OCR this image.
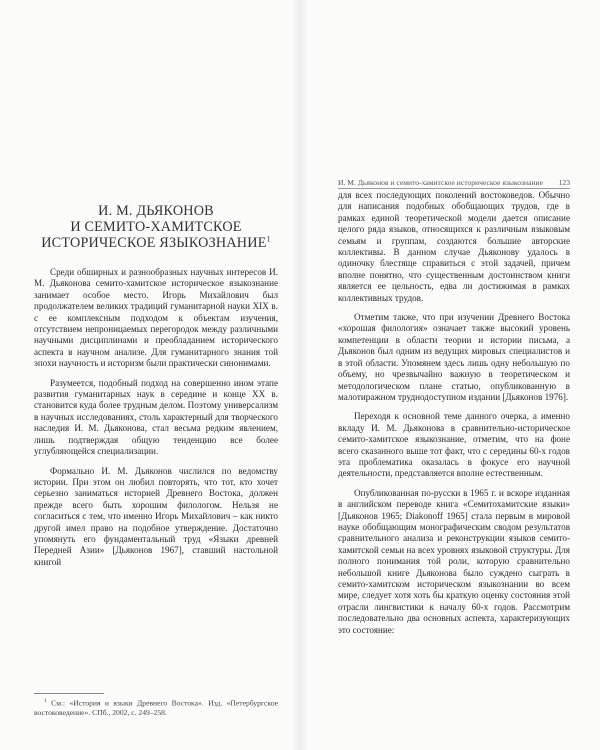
И. М. Дьяконов и семито-хамитское историческое языкознание 123
И. М. ДЬЯКОНОВ
И СЕМИТО-ХАМИТСКОЕ
ИСТОРИЧЕСКОЕ ЯЗЫКОЗНАНИЕ$^1$

Среди обширных и разнообразных научных интересов И. М. Дьяконова семито-хамитское историческое языкознание занимает особое место. Игорь Михайлович был продолжателем великих традиций гуманитарной науки XIX в. с ее комплексным подходом к объектам изучения, отсутствием непроницаемых перегородок между различными научными дисциплинами и преобладанием исторического аспекта в научном анализе. Для гуманитарного знания той эпохи научность и историзм были практически синонимами.

Разумеется, подобный подход на совершенно ином этапе развития гуманитарных наук в середине и конце XX в. становится куда более трудным делом. Поэтому универсализм в научных исследованиях, столь характерный для творческого наследия И. М. Дьяконова, стал весьма редким явлением, лишь подтверждая общую тенденцию все более углубляющейся специализации.

Формально И. М. Дьяконов числился по ведомству истории. При этом он любил повторять, что тот, кто хочет серьезно заниматься историей Древнего Востока, должен прежде всего быть хорошим филологом. Нельзя не согласиться с тем, что именно Игорь Михайлович – как никто другой имел право на подобное утверждение. Достаточно упомянуть его фундаментальный труд «Языки древней Передней Азии» [Дьяконов 1967], ставший настольной книгой

$^1$ См.: «История и языки Древнего Востока». Изд. «Петербургское востоковедение». СПб., 2002, с. 249–258.

для всех последующих поколений востоковедов. Обычно для написания подобных обобщающих трудов, где в рамках единой теоретической модели дается описание целого ряда языков, относящихся к различным языковым семьям и группам, создаются большие авторские коллективы. В данном случае Дьяконову удалось в одиночку блестяще справиться с этой задачей, причем вполне понятно, что существенным достоинством книги является ее цельность, едва ли достижимая в рамках коллективных трудов.

Отметим также, что при изучении Древнего Востока «хорошая филология» означает также высокий уровень компетенции в области теории и истории письма, а Дьяконов был одним из ведущих мировых специалистов и в этой области. Упомянем здесь лишь одну небольшую по объему, но чрезвычайно важную в теоретическом и методологическом плане статью, опубликованную в малотиражном труднодоступном издании [Дьяконов 1976].

Переходя к основной теме данного очерка, а именно вкладу И. М. Дьяконова в сравнительно-историческое семито-хамитское языкознание, отметим, что на фоне всего сказанного выше тот факт, что с середины 60-х годов эта проблематика оказалась в фокусе его научной деятельности, представляется вполне естественным.

Опубликованная по-русски в 1965 г. и вскоре изданная в английском переводе книга «Семитохамитские языки» [Дьяконов 1965; Diakonoff 1965] стала первым в мировой науке обобщающим монографическим сводом результатов сравнительного анализа и реконструкции языков семито-хамитской семьи на всех уровнях языковой структуры. Для полного понимания той роли, которую сравнительно небольшой книге Дьяконова было суждено сыграть в семито-хамитском историческом языкознании во всем мире, следует хотя хоть бы краткую оценку состояния этой отрасли лингвистики к началу 60-х годов. Рассмотрим последовательно два основных аспекта, характеризующих это состояние:
